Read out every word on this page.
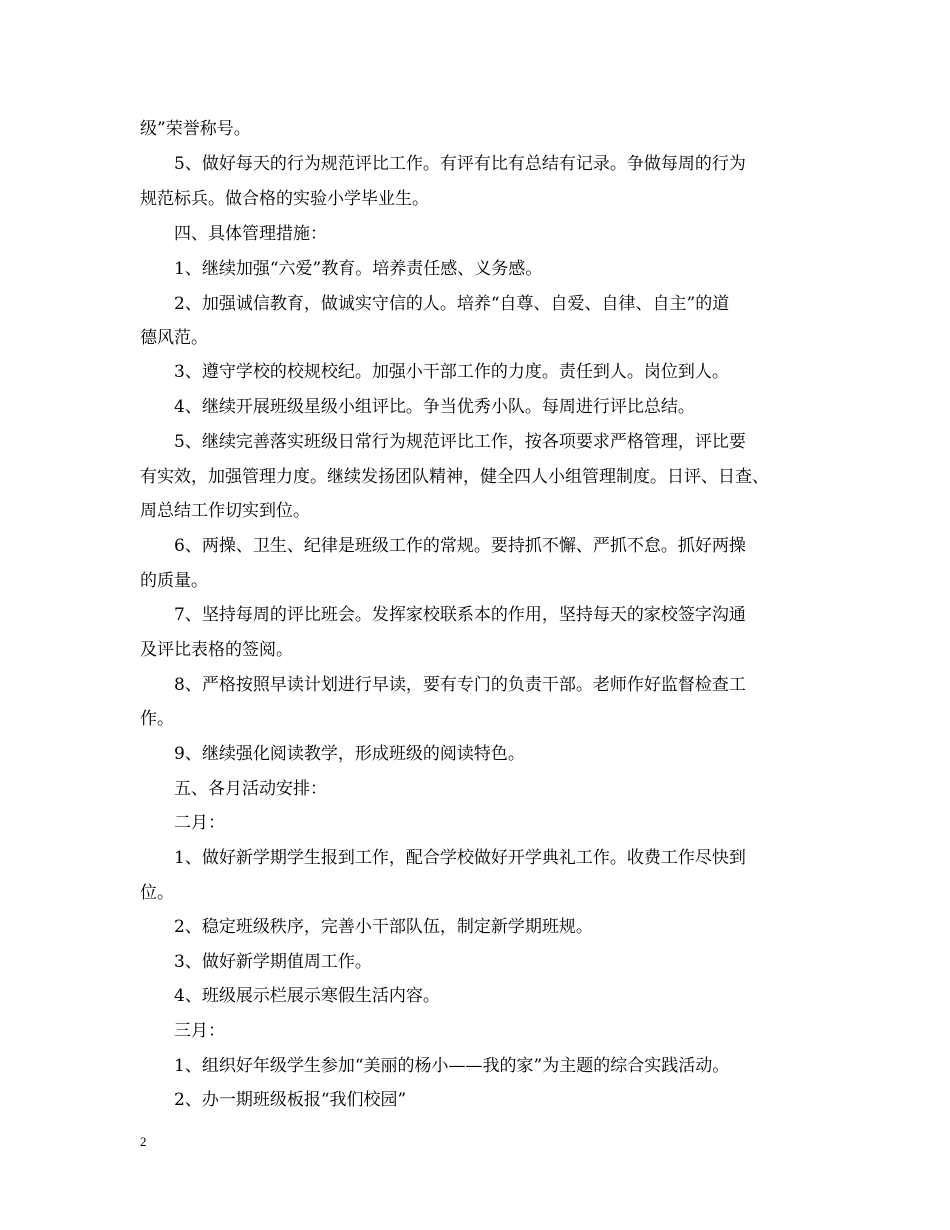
级”荣誉称号。
5、做好每天的行为规范评比工作。有评有比有总结有记录。争做每周的行为
规范标兵。做合格的实验小学毕业生。
四、具体管理措施：
1、继续加强“六爱”教育。培养责任感、义务感。
2、加强诚信教育，做诚实守信的人。培养“自尊、自爱、自律、自主”的道
德风范。
3、遵守学校的校规校纪。加强小干部工作的力度。责任到人。岗位到人。
4、继续开展班级星级小组评比。争当优秀小队。每周进行评比总结。
5、继续完善落实班级日常行为规范评比工作，按各项要求严格管理，评比要
有实效，加强管理力度。继续发扬团队精神，健全四人小组管理制度。日评、日查、
周总结工作切实到位。
6、两操、卫生、纪律是班级工作的常规。要持抓不懈、严抓不怠。抓好两操
的质量。
7、坚持每周的评比班会。发挥家校联系本的作用，坚持每天的家校签字沟通
及评比表格的签阅。
8、严格按照早读计划进行早读，要有专门的负责干部。老师作好监督检查工
作。
9、继续强化阅读教学，形成班级的阅读特色。
五、各月活动安排：
二月：
1、做好新学期学生报到工作，配合学校做好开学典礼工作。收费工作尽快到
位。
2、稳定班级秩序，完善小干部队伍，制定新学期班规。
3、做好新学期值周工作。
4、班级展示栏展示寒假生活内容。
三月：
1、组织好年级学生参加“美丽的杨小——我的家”为主题的综合实践活动。
2、办一期班级板报“我们校园”
2
